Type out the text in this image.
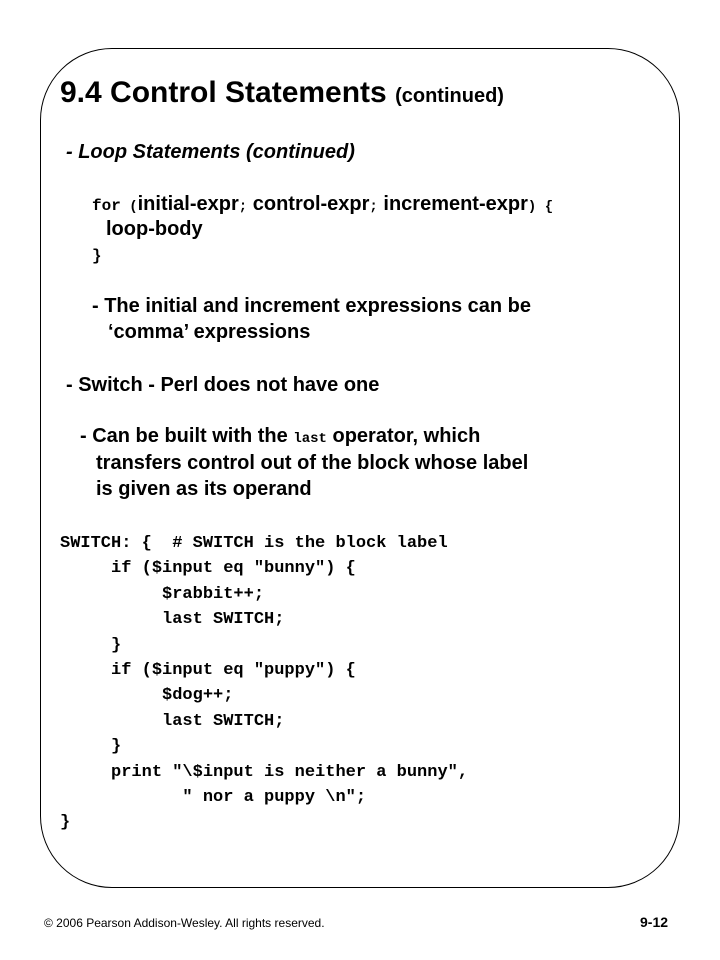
9.4 Control Statements (continued)
- Loop Statements (continued)
for (initial-expr; control-expr; increment-expr) {
loop-body
}
- The initial and increment expressions can be
‘comma’ expressions
- Switch - Perl does not have one
- Can be built with the last operator, which
transfers control out of the block whose label
is given as its operand
SWITCH: {  # SWITCH is the block label
if ($input eq "bunny") {
$rabbit++;
last SWITCH;
}
if ($input eq "puppy") {
$dog++;
last SWITCH;
}
print "\$input is neither a bunny",
" nor a puppy \n";
}
© 2006 Pearson Addison-Wesley. All rights reserved.	9-12
